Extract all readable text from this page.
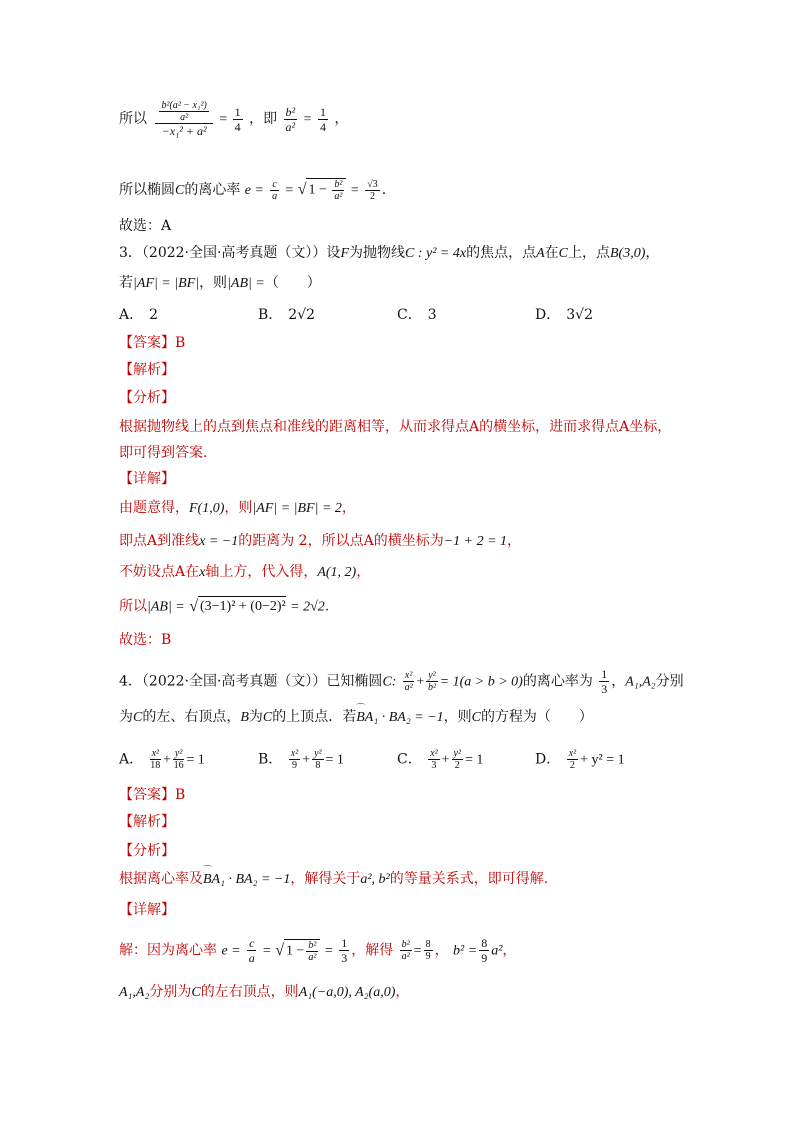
所以 $\frac{\frac{\text{b²(a² − x₁²)}}{\text{a²}}}{\text{−x₁² + a²}} = \frac{1}{4}$ ，即 $\frac{\text{b²}}{\text{a²}} = \frac{1}{4}$ ，
所以椭圆C的离心率 $e = \frac{c}{a}$ = √ $1 - \frac{\text{b²}}{\text{a²}} = \frac{√3}{2}$ .
故选：A
3．（2022·全国·高考真题（文））设F为抛物线C : y² = 4x的焦点，点A在C上，点B(3,0)，
若|AF| = |BF|，则|AB| =（　　）
A． 2	B． 2√2	C． 3	D． 3√2
【答案】B
【解析】
【分析】
根据抛物线上的点到焦点和准线的距离相等，从而求得点A的横坐标，进而求得点A坐标，
即可得到答案.
【详解】
由题意得，F(1,0)，则|AF| = |BF| = 2，
即点A到准线x = −1的距离为 2，所以点A的横坐标为−1 + 2 = 1，
不妨设点A在x轴上方，代入得，A(1, 2)，
所以|AB| = √ (3−1)² + (0−2)² = 2√2.
故选：B
4．（2022·全国·高考真题（文））已知椭圆C: $\frac{\text{x²}}{\text{a²}} + \frac{\text{y²}}{\text{b²}} = 1(a > b > 0)$的离心率为 $\frac{1}{3}$ ，A₁,A₂分别
为C的左、右顶点，B为C的上顶点．若⌒ BA₁ · BA₂ = −1，则C的方程为（　　）
A． $\frac{\text{x²}}{18} + \frac{\text{y²}}{16} = 1$	B． $\frac{\text{x²}}{9} + \frac{\text{y²}}{8} = 1$	C． $\frac{\text{x²}}{3} + \frac{\text{y²}}{2} = 1$	D． $\frac{\text{x²}}{2} + y^2 = 1$
【答案】B
【解析】
【分析】
根据离心率及⌒ BA₁ · BA₂ = −1，解得关于a², b²的等量关系式，即可得解.
【详解】
解：因为离心率 $e = \frac{c}{a}$ = √ $1 - \frac{\text{b²}}{\text{a²}} = \frac{1}{3}$ ，解得 $\frac{\text{b²}}{\text{a²}} = \frac{8}{9}$ ， $b^2 = \frac{8}{9} a^2$，
A₁,A₂分别为C的左右顶点，则A₁(−a,0), A₂(a,0)，
